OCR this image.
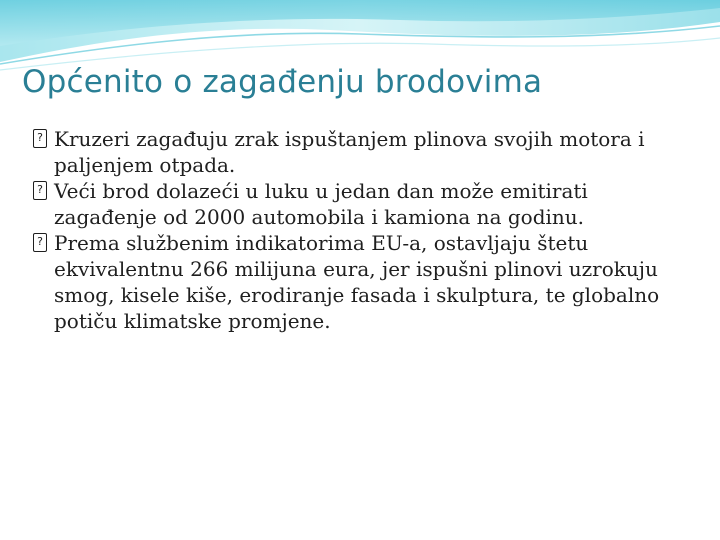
Općenito o zagađenju brodovima
? Kruzeri zagađuju zrak ispuštanjem plinova svojih motora i paljenjem otpada.
? Veći brod dolazeći u luku u jedan dan može emitirati zagađenje od 2000 automobila i kamiona na godinu.
? Prema službenim indikatorima EU-a, ostavljaju štetu ekvivalentnu 266 milijuna eura, jer ispušni plinovi uzrokuju smog, kisele kiše, erodiranje fasada i skulptura, te globalno potiču klimatske promjene.
